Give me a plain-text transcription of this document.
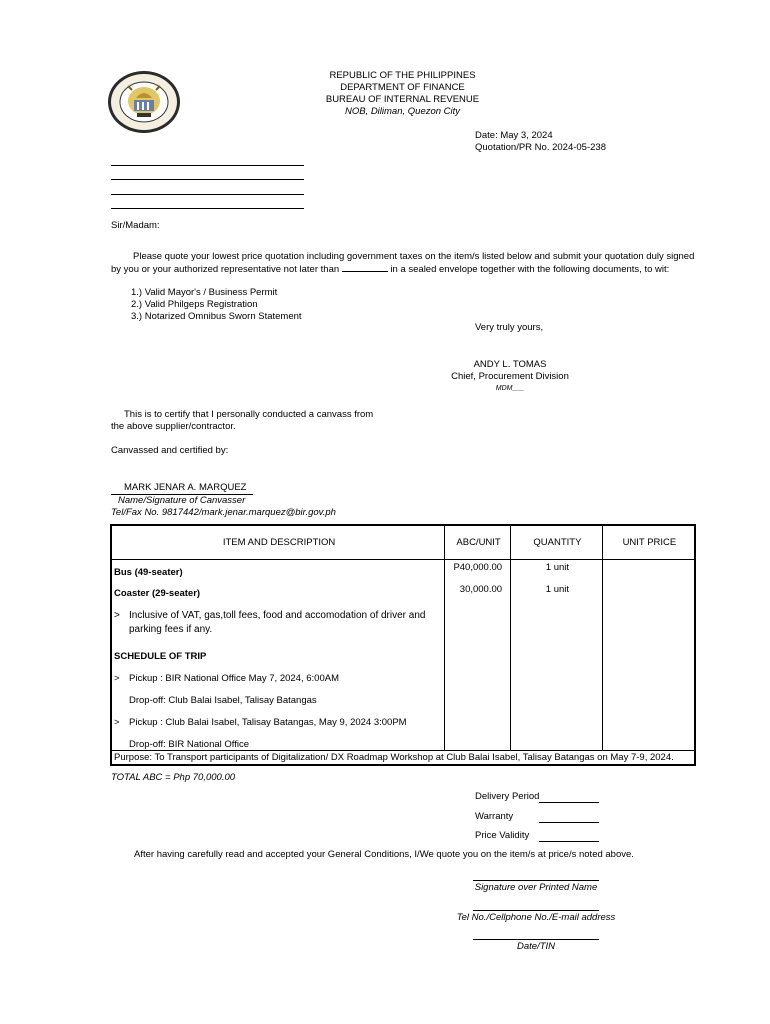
REPUBLIC OF THE PHILIPPINES
DEPARTMENT OF FINANCE
BUREAU OF INTERNAL REVENUE
NOB, Diliman, Quezon City
Date: May 3, 2024
Quotation/PR No. 2024-05-238
Sir/Madam:
Please quote your lowest price quotation including government taxes on the item/s listed below and submit your quotation duly signed
by you or your authorized representative not later than	in a sealed envelope together with the following documents, to wit:
1.) Valid Mayor's / Business Permit
2.) Valid Philgeps Registration
3.) Notarized Omnibus Sworn Statement
Very truly yours,
ANDY L. TOMAS
Chief, Procurement Division
MDM___
This is to certify that I personally conducted a canvass from
the above supplier/contractor.
Canvassed and certified by:
MARK JENAR A. MARQUEZ
Name/Signature of Canvasser
Tel/Fax No. 9817442/mark.jenar.marquez@bir.gov.ph
ITEM AND DESCRIPTION	ABC/UNIT	QUANTITY	UNIT PRICE
Bus (49-seater)	P40,000.00	1 unit	
Coaster (29-seater)	30,000.00	1 unit	

> Inclusive of VAT, gas,toll fees, food and accomodation of driver and
parking fees if any.			

SCHEDULE OF TRIP			

> Pickup : BIR National Office May 7, 2024, 6:00AM			

Drop-off: Club Balai Isabel, Talisay Batangas			

> Pickup : Club Balai Isabel, Talisay Batangas, May 9, 2024 3:00PM			

Drop-off: BIR National Office			
Purpose: To Transport participants of Digitalization/ DX Roadmap Workshop at Club Balai Isabel, Talisay Batangas on May 7-9, 2024.			
TOTAL ABC = Php 70,000.00
Delivery Period
Warranty
Price Validity
After having carefully read and accepted your General Conditions, I/We quote you on the item/s at price/s noted above.
Signature over Printed Name
Tel No./Cellphone No./E-mail address
Date/TIN
